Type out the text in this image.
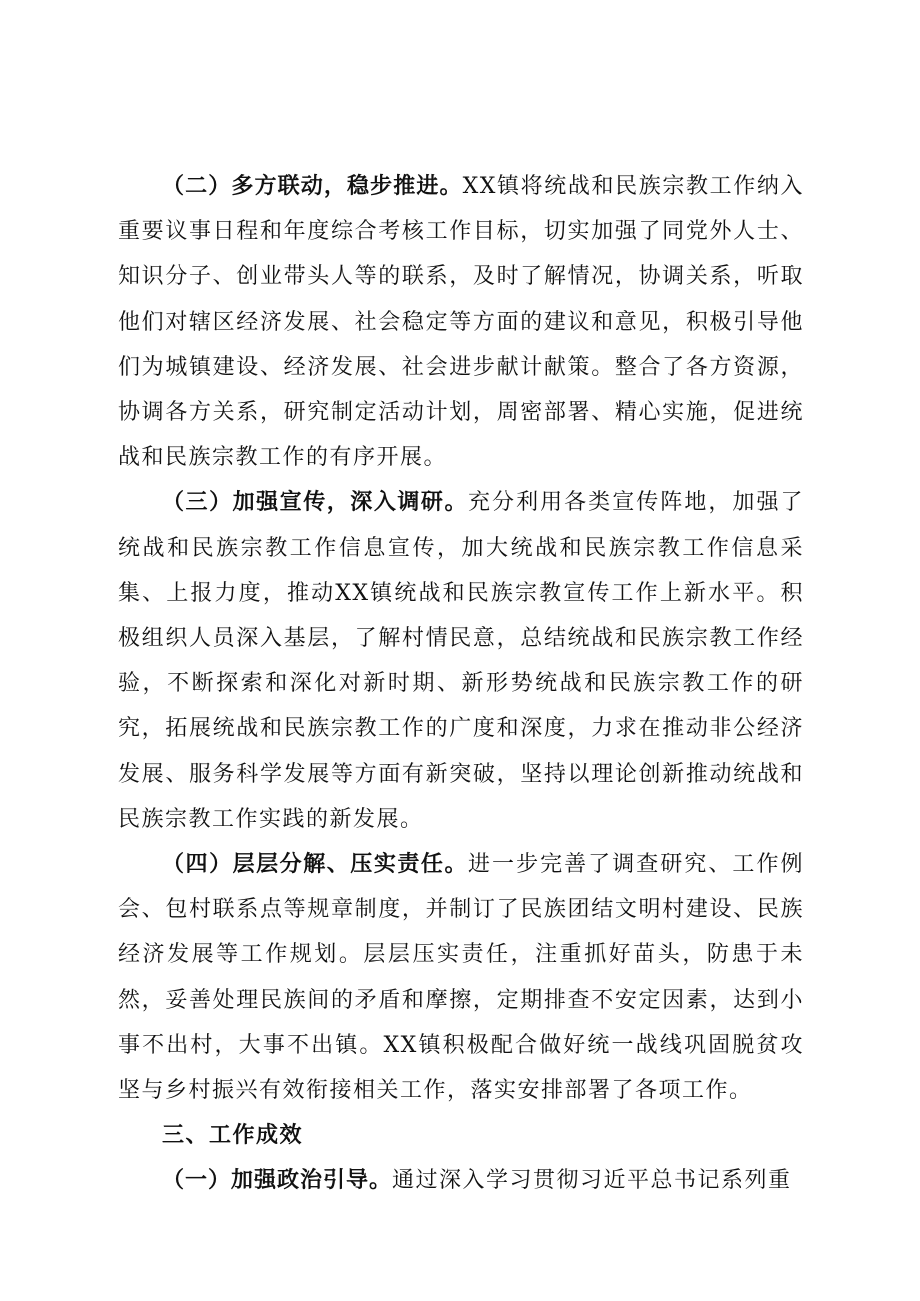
（二）多方联动，稳步推进。XX镇将统战和民族宗教工作纳入重要议事日程和年度综合考核工作目标，切实加强了同党外人士、知识分子、创业带头人等的联系，及时了解情况，协调关系，听取他们对辖区经济发展、社会稳定等方面的建议和意见，积极引导他们为城镇建设、经济发展、社会进步献计献策。整合了各方资源，协调各方关系，研究制定活动计划，周密部署、精心实施，促进统战和民族宗教工作的有序开展。

（三）加强宣传，深入调研。充分利用各类宣传阵地，加强了统战和民族宗教工作信息宣传，加大统战和民族宗教工作信息采集、上报力度，推动XX镇统战和民族宗教宣传工作上新水平。积极组织人员深入基层，了解村情民意，总结统战和民族宗教工作经验，不断探索和深化对新时期、新形势统战和民族宗教工作的研究，拓展统战和民族宗教工作的广度和深度，力求在推动非公经济发展、服务科学发展等方面有新突破，坚持以理论创新推动统战和民族宗教工作实践的新发展。

（四）层层分解、压实责任。进一步完善了调查研究、工作例会、包村联系点等规章制度，并制订了民族团结文明村建设、民族经济发展等工作规划。层层压实责任，注重抓好苗头，防患于未然，妥善处理民族间的矛盾和摩擦，定期排查不安定因素，达到小事不出村，大事不出镇。XX镇积极配合做好统一战线巩固脱贫攻坚与乡村振兴有效衔接相关工作，落实安排部署了各项工作。

三、工作成效

（一）加强政治引导。通过深入学习贯彻习近平总书记系列重
